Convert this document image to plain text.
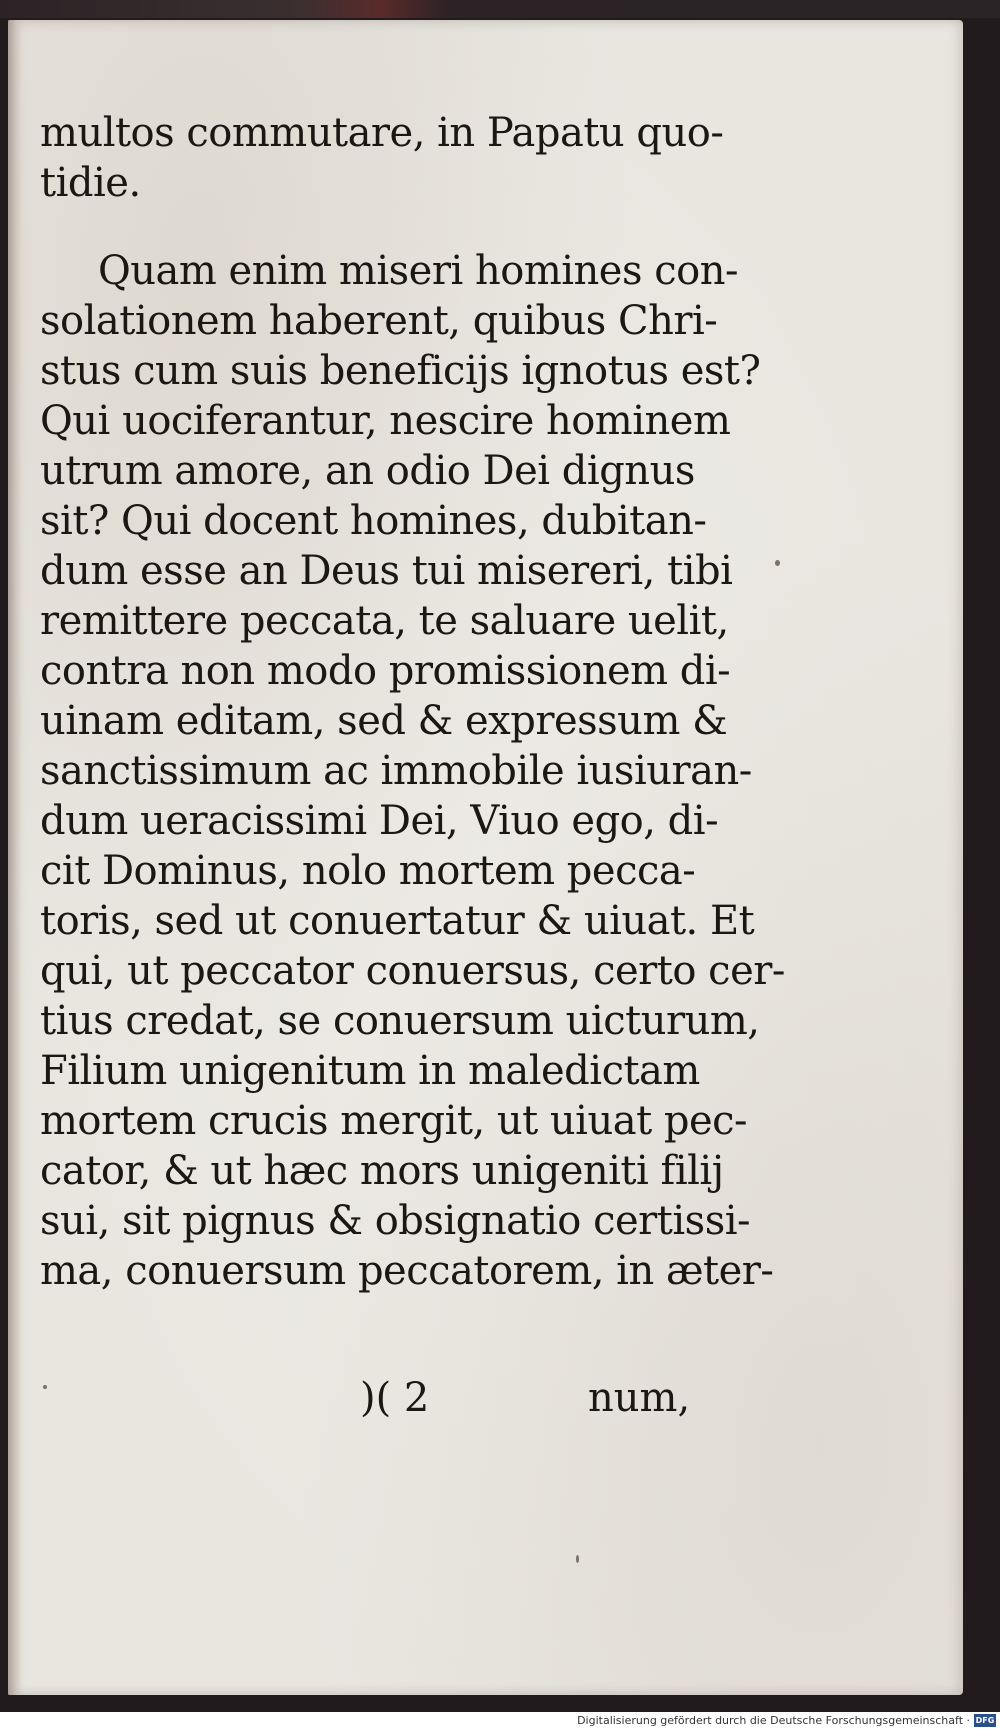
multos commutare, in Papatu quo-
tidie.
Quam enim miseri homines con-
solationem haberent, quibus Chri-
stus cum suis beneficijs ignotus est?
Qui uociferantur, nescire hominem
utrum amore, an odio Dei dignus
sit? Qui docent homines, dubitan-
dum esse an Deus tui misereri, tibi
remittere peccata, te saluare uelit,
contra non modo promissionem di-
uinam editam, sed & expressum &
sanctissimum ac immobile iusiuran-
dum ueracissimi Dei, Viuo ego, di-
cit Dominus, nolo mortem pecca-
toris, sed ut conuertatur & uiuat. Et
qui, ut peccator conuersus, certo cer-
tius credat, se conuersum uicturum,
Filium unigenitum in maledictam
mortem crucis mergit, ut uiuat pec-
cator, & ut hæc mors unigeniti filij
sui, sit pignus & obsignatio certissi-
ma, conuersum peccatorem, in æter-
)( 2	num,
Digitalisierung gefördert durch die Deutsche Forschungsgemeinschaft · DFG
